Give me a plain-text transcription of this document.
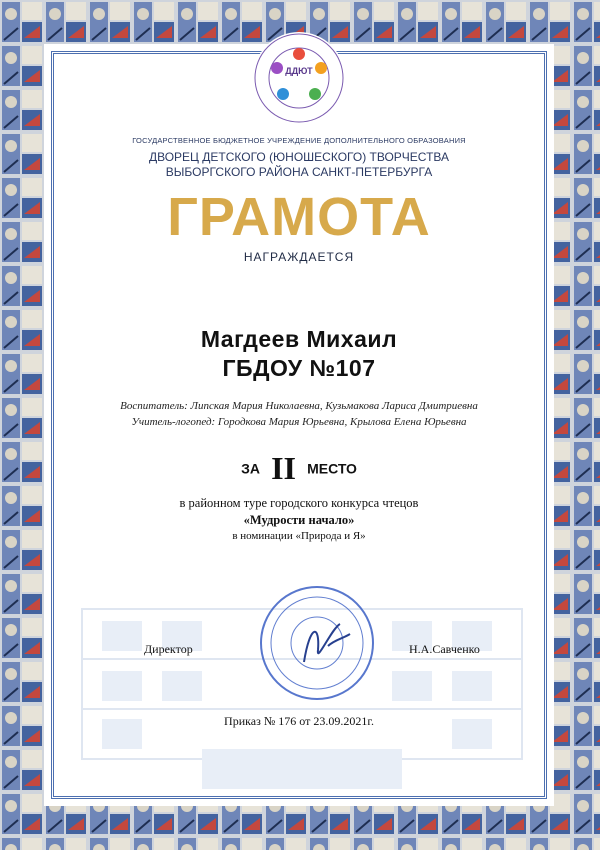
ДДЮТ
ГОСУДАРСТВЕННОЕ БЮДЖЕТНОЕ УЧРЕЖДЕНИЕ ДОПОЛНИТЕЛЬНОГО ОБРАЗОВАНИЯ
ДВОРЕЦ ДЕТСКОГО (ЮНОШЕСКОГО) ТВОРЧЕСТВА
ВЫБОРГСКОГО РАЙОНА САНКТ-ПЕТЕРБУРГА
ГРАМОТА
НАГРАЖДАЕТСЯ
Магдеев Михаил
ГБДОУ №107
Воспитатель: Липская Мария Николаевна, Кузьмакова Лариса Дмитриевна
Учитель-логопед: Городкова Мария Юрьевна, Крылова Елена Юрьевна
ЗА II МЕСТО
в районном туре городского конкурса чтецов
«Мудрости начало»
в номинации «Природа и Я»
Директор	Н.А.Савченко
Приказ № 176 от 23.09.2021г.
